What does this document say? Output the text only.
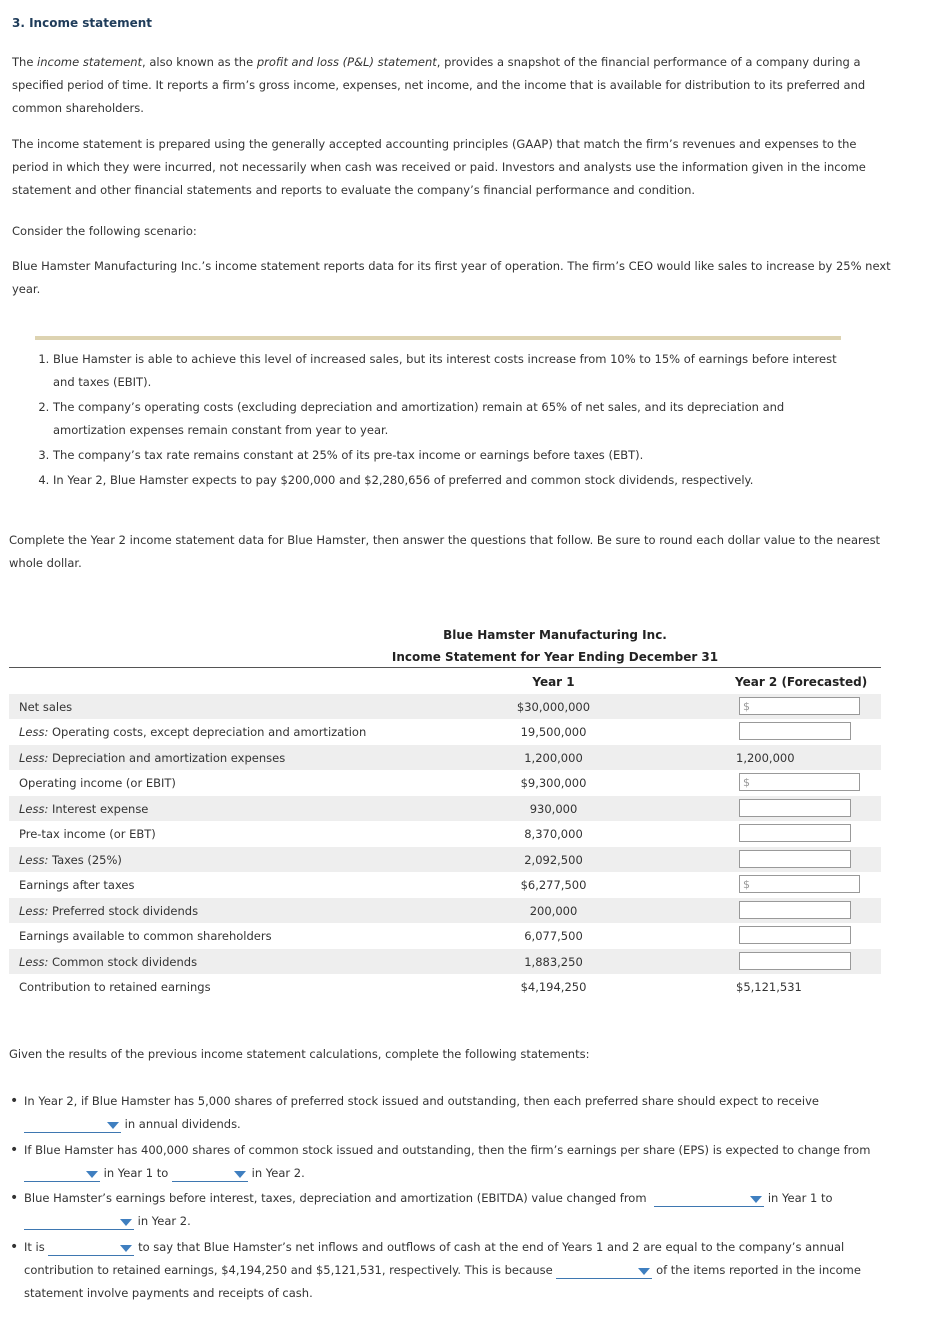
3. Income statement
The income statement, also known as the profit and loss (P&L) statement, provides a snapshot of the financial performance of a company during a specified period of time. It reports a firm’s gross income, expenses, net income, and the income that is available for distribution to its preferred and common shareholders.
The income statement is prepared using the generally accepted accounting principles (GAAP) that match the firm’s revenues and expenses to the period in which they were incurred, not necessarily when cash was received or paid. Investors and analysts use the information given in the income statement and other financial statements and reports to evaluate the company’s financial performance and condition.
Consider the following scenario:
Blue Hamster Manufacturing Inc.’s income statement reports data for its first year of operation. The firm’s CEO would like sales to increase by 25% next year.
1. Blue Hamster is able to achieve this level of increased sales, but its interest costs increase from 10% to 15% of earnings before interest and taxes (EBIT).
2. The company’s operating costs (excluding depreciation and amortization) remain at 65% of net sales, and its depreciation and amortization expenses remain constant from year to year.
3. The company’s tax rate remains constant at 25% of its pre-tax income or earnings before taxes (EBT).
4. In Year 2, Blue Hamster expects to pay $200,000 and $2,280,656 of preferred and common stock dividends, respectively.
Complete the Year 2 income statement data for Blue Hamster, then answer the questions that follow. Be sure to round each dollar value to the nearest whole dollar.
Blue Hamster Manufacturing Inc.
Income Statement for Year Ending December 31
Year 1	Year 2 (Forecasted)
Net sales	$30,000,000	$
Less: Operating costs, except depreciation and amortization	19,500,000
Less: Depreciation and amortization expenses	1,200,000	1,200,000
Operating income (or EBIT)	$9,300,000	$
Less: Interest expense	930,000
Pre-tax income (or EBT)	8,370,000
Less: Taxes (25%)	2,092,500
Earnings after taxes	$6,277,500	$
Less: Preferred stock dividends	200,000
Earnings available to common shareholders	6,077,500
Less: Common stock dividends	1,883,250
Contribution to retained earnings	$4,194,250	$5,121,531
Given the results of the previous income statement calculations, complete the following statements:
• In Year 2, if Blue Hamster has 5,000 shares of preferred stock issued and outstanding, then each preferred share should expect to receive

in annual dividends.
• If Blue Hamster has 400,000 shares of common stock issued and outstanding, then the firm’s earnings per share (EPS) is expected to change from

in Year 1 to	in Year 2.
• Blue Hamster’s earnings before interest, taxes, depreciation and amortization (EBITDA) value changed from	in Year 1 to

in Year 2.
• It is	to say that Blue Hamster’s net inflows and outflows of cash at the end of Years 1 and 2 are equal to the company’s annual
contribution to retained earnings, $4,194,250 and $5,121,531, respectively. This is because	of the items reported in the income
statement involve payments and receipts of cash.
